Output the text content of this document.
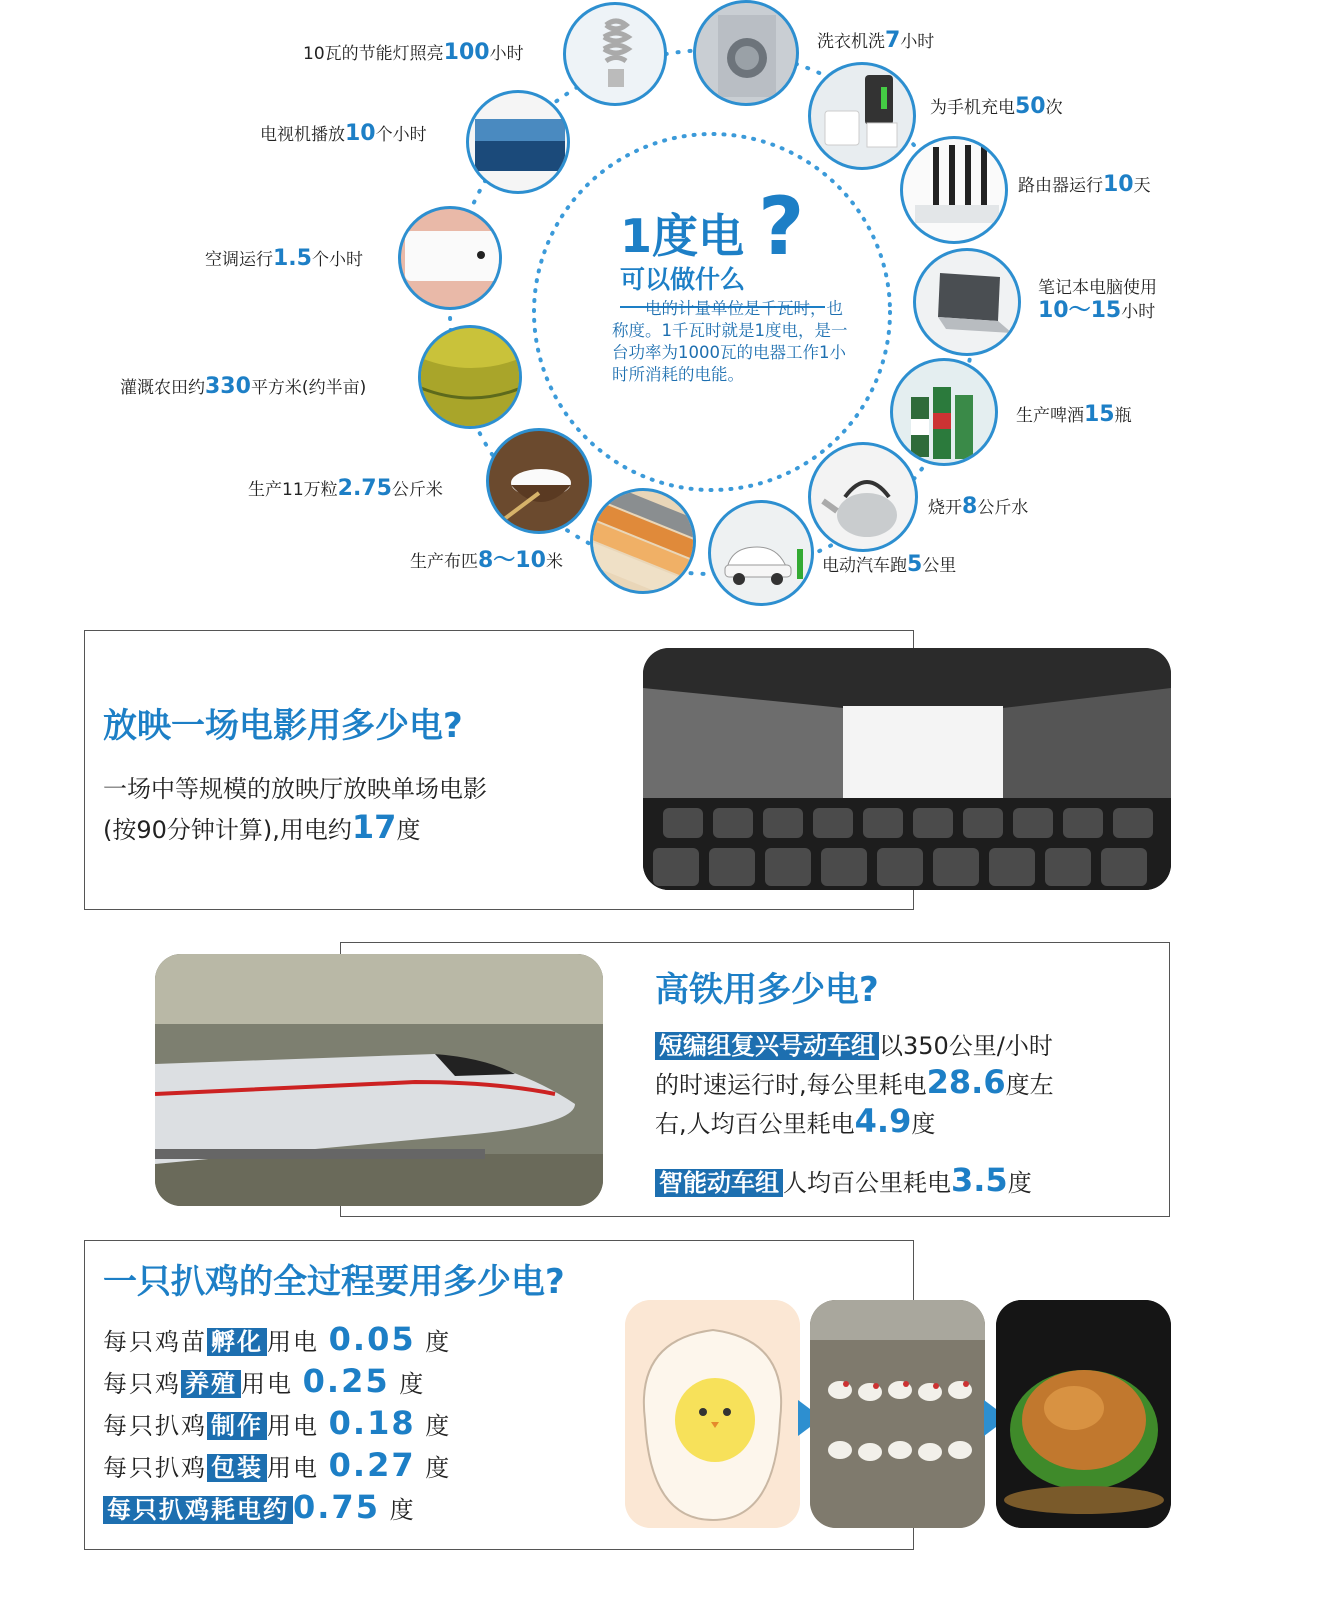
1度电 ?
可以做什么
电的计量单位是千瓦时，也称度。1千瓦时就是1度电，是一台功率为1000瓦的电器工作1小时所消耗的电能。
10瓦的节能灯照亮100小时
洗衣机洗7小时
为手机充电50次
路由器运行10天
笔记本电脑使用
10～15小时
生产啤酒15瓶
烧开8公斤水
电动汽车跑5公里
生产布匹8～10米
生产11万粒2.75公斤米
灌溉农田约330平方米(约半亩)
空调运行1.5个小时
电视机播放10个小时
放映一场电影用多少电?
一场中等规模的放映厅放映单场电影
(按90分钟计算),用电约17度
高铁用多少电?
短编组复兴号动车组 以350公里/小时
的时速运行时,每公里耗电28.6度左
右,人均百公里耗电4.9度
智能动车组 人均百公里耗电3.5度
一只扒鸡的全过程要用多少电?
每只鸡苗 孵化 用电 0.05 度
每只鸡 养殖 用电 0.25 度
每只扒鸡 制作 用电 0.18 度
每只扒鸡 包装 用电 0.27 度
每只扒鸡耗电约 0.75 度
